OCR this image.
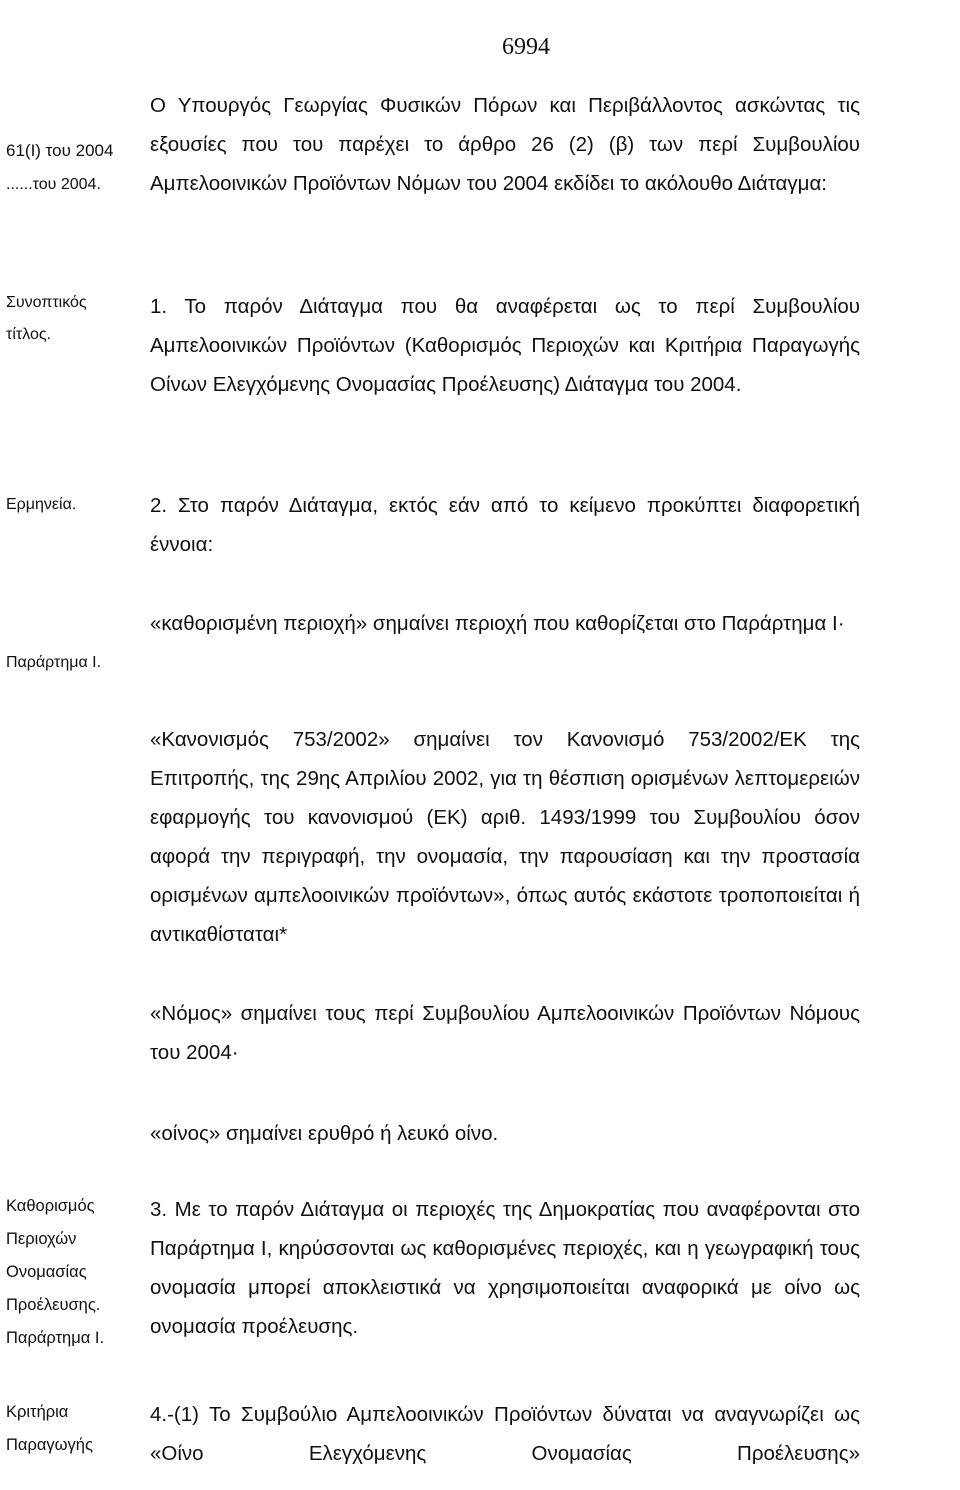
6994
61(I) του 2004
......του 2004.

Ο Υπουργός Γεωργίας Φυσικών Πόρων και Περιβάλλοντος ασκώντας τις εξουσίες που του παρέχει το άρθρο 26 (2) (β) των περί Συμβουλίου Αμπελοοινικών Προϊόντων Νόμων του 2004 εκδίδει το ακόλουθο Διάταγμα:

Συνοπτικός
τίτλος.

1. Το παρόν Διάταγμα που θα αναφέρεται ως το περί Συμβουλίου Αμπελοοινικών Προϊόντων (Καθορισμός Περιοχών και Κριτήρια Παραγωγής Οίνων Ελεγχόμενης Ονομασίας Προέλευσης) Διάταγμα του 2004.

Ερμηνεία.	2. Στο παρόν Διάταγμα, εκτός εάν από το κείμενο προκύπτει διαφορετική έννοια:

Παράρτημα Ι.

«καθορισμένη περιοχή» σημαίνει περιοχή που καθορίζεται στο Παράρτημα Ι·

«Κανονισμός 753/2002» σημαίνει τον Κανονισμό 753/2002/ΕΚ της Επιτροπής, της 29ης Απριλίου 2002, για τη θέσπιση ορισμένων λεπτομερειών εφαρμογής του κανονισμού (ΕΚ) αριθ. 1493/1999 του Συμβουλίου όσον αφορά την περιγραφή, την ονομασία, την παρουσίαση και την προστασία ορισμένων αμπελοοινικών προϊόντων», όπως αυτός εκάστοτε τροποποιείται ή αντικαθίσταται*

«Νόμος» σημαίνει τους περί Συμβουλίου Αμπελοοινικών Προϊόντων Νόμους του 2004·

«οίνος» σημαίνει ερυθρό ή λευκό οίνο.

Καθορισμός
Περιοχών
Ονομασίας
Προέλευσης.
Παράρτημα Ι.

3. Με το παρόν Διάταγμα οι περιοχές της Δημοκρατίας που αναφέρονται στο Παράρτημα Ι, κηρύσσονται ως καθορισμένες περιοχές, και η γεωγραφική τους ονομασία μπορεί αποκλειστικά να χρησιμοποιείται αναφορικά με οίνο ως ονομασία προέλευσης.

Κριτήρια
Παραγωγής

4.-(1) Το Συμβούλιο Αμπελοοινικών Προϊόντων δύναται να αναγνωρίζει ως «Οίνο Ελεγχόμενης Ονομασίας Προέλευσης»
